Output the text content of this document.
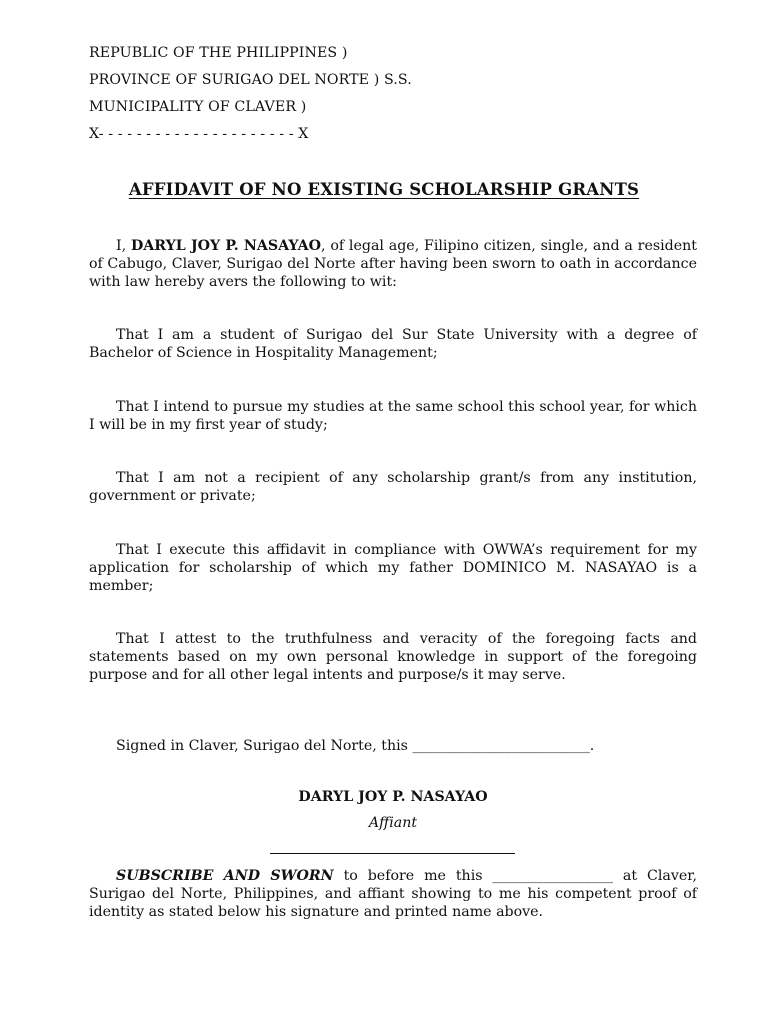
REPUBLIC OF THE PHILIPPINES )
PROVINCE OF SURIGAO DEL NORTE ) S.S.
MUNICIPALITY OF CLAVER )
X- - - - - - - - - - - - - - - - - - - - - X
AFFIDAVIT OF NO EXISTING SCHOLARSHIP GRANTS

I, DARYL JOY P. NASAYAO, of legal age, Filipino citizen, single, and a resident of Cabugo, Claver, Surigao del Norte after having been sworn to oath in accordance with law hereby avers the following to wit:

That I am a student of Surigao del Sur State University with a degree of Bachelor of Science in Hospitality Management;

That I intend to pursue my studies at the same school this school year, for which I will be in my first year of study;

That I am not a recipient of any scholarship grant/s from any institution, government or private;

That I execute this affidavit in compliance with OWWA’s requirement for my application for scholarship of which my father DOMINICO M. NASAYAO is a member;

That I attest to the truthfulness and veracity of the foregoing facts and statements based on my own personal knowledge in support of the foregoing purpose and for all other legal intents and purpose/s it may serve.

Signed in Claver, Surigao del Norte, this _________________________.

DARYL JOY P. NASAYAO
Affiant

SUBSCRIBE AND SWORN to before me this _________________ at Claver, Surigao del Norte, Philippines, and affiant showing to me his competent proof of identity as stated below his signature and printed name above.
